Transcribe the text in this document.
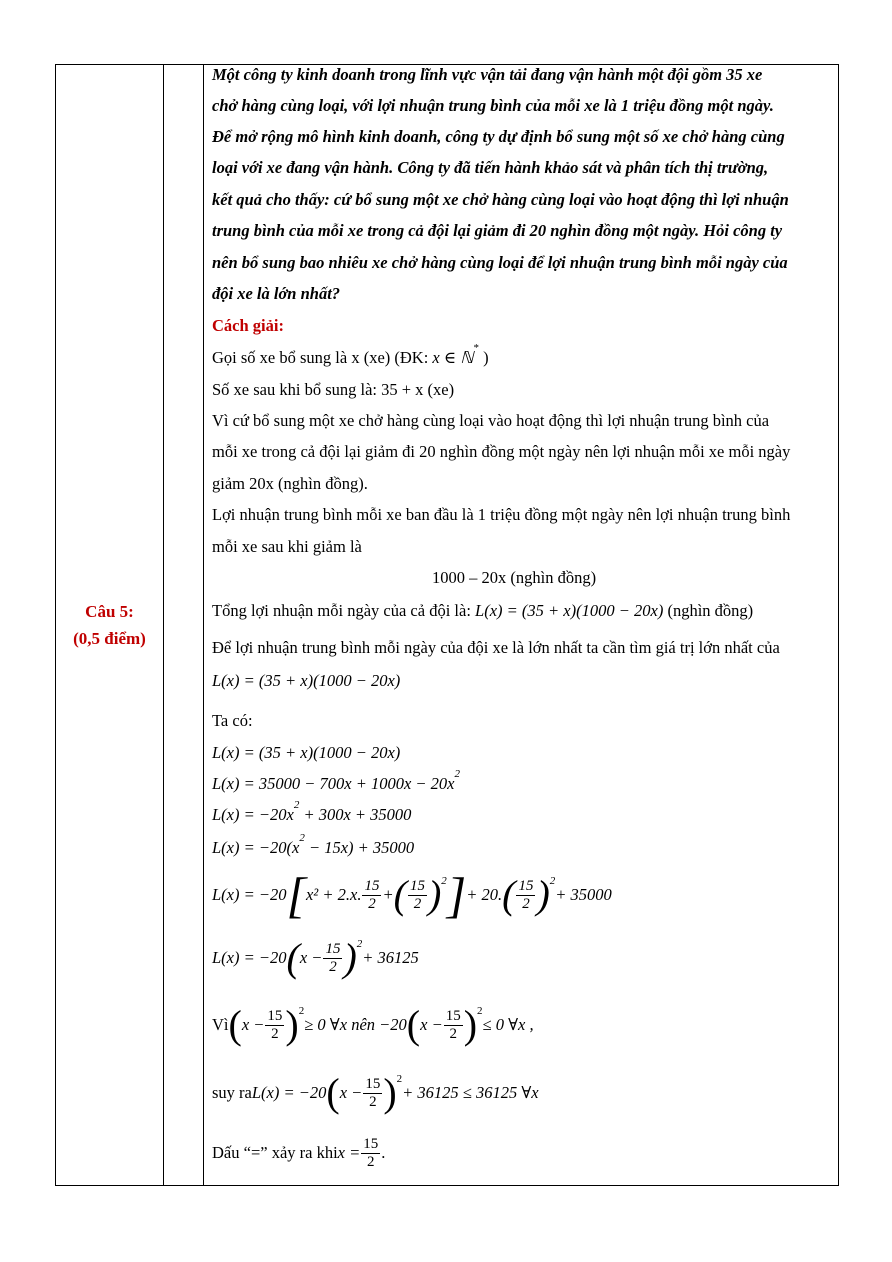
Câu 5:
(0,5 điểm)
Một công ty kinh doanh trong lĩnh vực vận tải đang vận hành một đội gồm 35 xe
chở hàng cùng loại, với lợi nhuận trung bình của mỗi xe là 1 triệu đồng một ngày.
Để mở rộng mô hình kinh doanh, công ty dự định bổ sung một số xe chở hàng cùng
loại với xe đang vận hành. Công ty đã tiến hành khảo sát và phân tích thị trường,
kết quả cho thấy: cứ bổ sung một xe chở hàng cùng loại vào hoạt động thì lợi nhuận
trung bình của mỗi xe trong cả đội lại giảm đi 20 nghìn đồng một ngày. Hỏi công ty
nên bổ sung bao nhiêu xe chở hàng cùng loại để lợi nhuận trung bình mỗi ngày của
đội xe là lớn nhất?
Cách giải:
Gọi số xe bổ sung là x (xe) (ĐK: x ∈ ℕ* )
Số xe sau khi bổ sung là: 35 + x (xe)
Vì cứ bổ sung một xe chở hàng cùng loại vào hoạt động thì lợi nhuận trung bình của
mỗi xe trong cả đội lại giảm đi 20 nghìn đồng một ngày nên lợi nhuận mỗi xe mỗi ngày
giảm 20x (nghìn đồng).
Lợi nhuận trung bình mỗi xe ban đầu là 1 triệu đồng một ngày nên lợi nhuận trung bình
mỗi xe sau khi giảm là
1000 – 20x (nghìn đồng)
Tổng lợi nhuận mỗi ngày của cả đội là: L(x) = (35 + x)(1000 − 20x) (nghìn đồng)
Để lợi nhuận trung bình mỗi ngày của đội xe là lớn nhất ta cần tìm giá trị lớn nhất của
L(x) = (35 + x)(1000 − 20x)
Ta có:
L(x) = (35 + x)(1000 − 20x)
$L(x) = 35000 - 700x + 1000x - 20x^2$
$L(x) = -20x^2 + 300x + 35000$
$L(x) = -20(x^2 - 15x) + 35000$
L(x) = −20 [ x² + 2.x. $\frac{15}{2}$ + ( $\frac{15}{2}$ ) 2 ] + 20. ( $\frac{15}{2}$ ) 2
+ 35000
L(x) = −20 ( $x - \frac{15}{2}$ ) 2
+ 36125
Vì ( $x - \frac{15}{2}$ ) 2
≥ 0 ∀x nên −20 ( $x - \frac{15}{2}$ ) 2
≤ 0 ∀x ,
suy ra L(x) = −20 ( $x - \frac{15}{2}$ ) 2
+ 36125 ≤ 36125 ∀x
Dấu “=” xảy ra khi $x = \frac{15}{2}$ .
